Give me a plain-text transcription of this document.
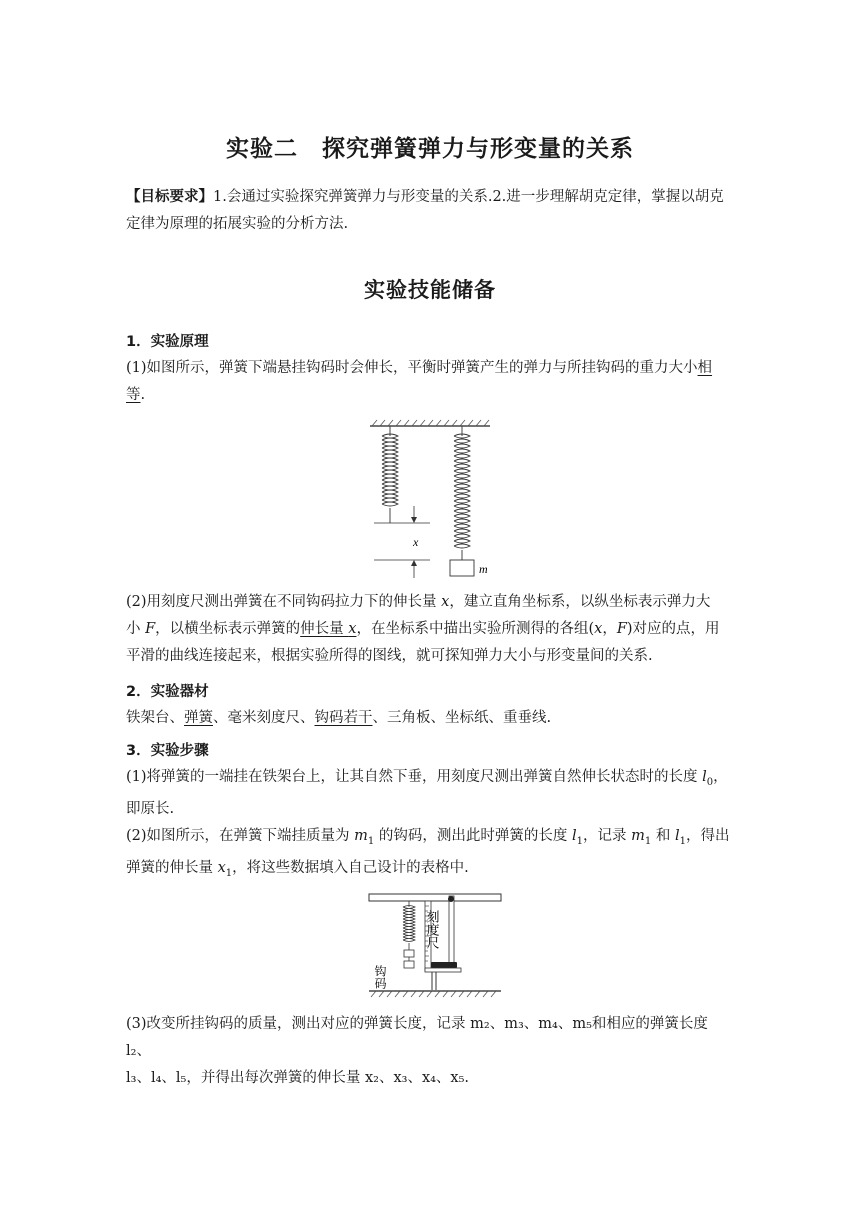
实验二　探究弹簧弹力与形变量的关系
【目标要求】1.会通过实验探究弹簧弹力与形变量的关系.2.进一步理解胡克定律，掌握以胡克
定律为原理的拓展实验的分析方法.
实验技能储备
1．实验原理
(1)如图所示，弹簧下端悬挂钩码时会伸长，平衡时弹簧产生的弹力与所挂钩码的重力大小相
等.
x
m
(2)用刻度尺测出弹簧在不同钩码拉力下的伸长量 x，建立直角坐标系，以纵坐标表示弹力大
小 F，以横坐标表示弹簧的伸长量 x，在坐标系中描出实验所测得的各组(x，F)对应的点，用
平滑的曲线连接起来，根据实验所得的图线，就可探知弹力大小与形变量间的关系.
2．实验器材
铁架台、弹簧、毫米刻度尺、钩码若干、三角板、坐标纸、重垂线.
3．实验步骤
(1)将弹簧的一端挂在铁架台上，让其自然下垂，用刻度尺测出弹簧自然伸长状态时的长度 $l_0$，
即原长.
(2)如图所示，在弹簧下端挂质量为 $m_1$ 的钩码，测出此时弹簧的长度 $l_1$，记录 $m_1$ 和 $l_1$，得出
弹簧的伸长量 $x_1$，将这些数据填入自己设计的表格中.
钩码
刻度尺
(3)改变所挂钩码的质量，测出对应的弹簧长度，记录 m₂、m₃、m₄、m₅和相应的弹簧长度 l₂、
l₃、l₄、l₅，并得出每次弹簧的伸长量 x₂、x₃、x₄、x₅.
